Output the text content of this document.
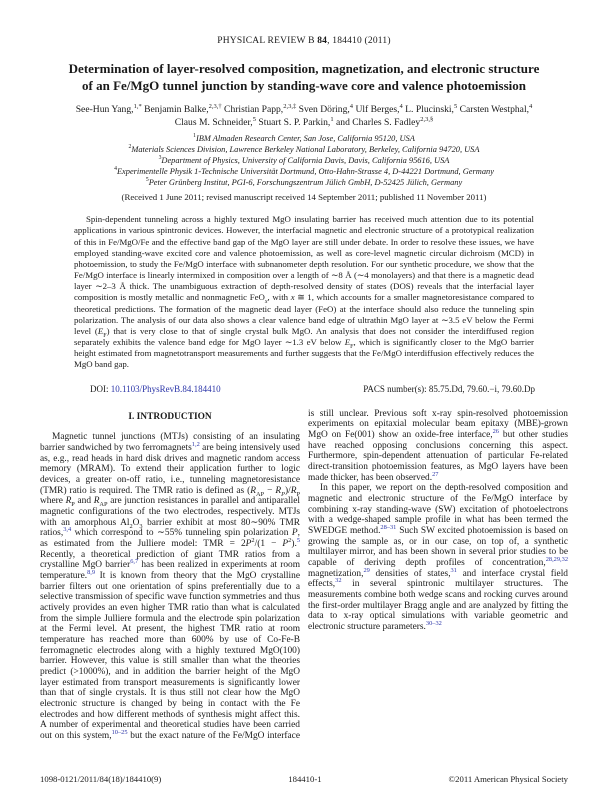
PHYSICAL REVIEW B 84, 184410 (2011)
Determination of layer-resolved composition, magnetization, and electronic structure
of an Fe/MgO tunnel junction by standing-wave core and valence photoemission
See-Hun Yang,$^{1,*}$ Benjamin Balke,$^{2,3,\dagger}$ Christian Papp,$^{2,3,\ddagger}$ Sven Döring,$^4$ Ulf Berges,$^4$ L. Plucinski,$^5$ Carsten Westphal,$^4$
Claus M. Schneider,$^5$ Stuart S. P. Parkin,$^1$ and Charles S. Fadley$^{2,3,\S}$
$^1$IBM Almaden Research Center, San Jose, California 95120, USA
$^2$Materials Sciences Division, Lawrence Berkeley National Laboratory, Berkeley, California 94720, USA
$^3$Department of Physics, University of California Davis, Davis, California 95616, USA
$^4$Experimentelle Physik 1-Technische Universität Dortmund, Otto-Hahn-Strasse 4, D-44221 Dortmund, Germany
$^5$Peter Grünberg Institut, PGI-6, Forschungszentrum Jülich GmbH, D-52425 Jülich, Germany
(Received 1 June 2011; revised manuscript received 14 September 2011; published 11 November 2011)
Spin-dependent tunneling across a highly textured MgO insulating barrier has received much attention due to its potential applications in various spintronic devices. However, the interfacial magnetic and electronic structure of a prototypical realization of this in Fe/MgO/Fe and the effective band gap of the MgO layer are still under debate. In order to resolve these issues, we have employed standing-wave excited core and valence photoemission, as well as core-level magnetic circular dichroism (MCD) in photoemission, to study the Fe/MgO interface with subnanometer depth resolution. For our synthetic procedure, we show that the Fe/MgO interface is linearly intermixed in composition over a length of ∼8 Å (∼4 monolayers) and that there is a magnetic dead layer ∼2–3 Å thick. The unambiguous extraction of depth-resolved density of states (DOS) reveals that the interfacial layer composition is mostly metallic and nonmagnetic FeO$_x$, with x ≅ 1, which accounts for a smaller magnetoresistance compared to theoretical predictions. The formation of the magnetic dead layer (FeO) at the interface should also reduce the tunneling spin polarization. The analysis of our data also shows a clear valence band edge of ultrathin MgO layer at ∼3.5 eV below the Fermi level $(E_F)$ that is very close to that of single crystal bulk MgO. An analysis that does not consider the interdiffused region separately exhibits the valence band edge for MgO layer ∼1.3 eV below $E_F$, which is significantly closer to the MgO barrier height estimated from magnetotransport measurements and further suggests that the Fe/MgO interdiffusion effectively reduces the MgO band gap.
DOI: 10.1103/PhysRevB.84.184410	PACS number(s): 85.75.Dd, 79.60.−i, 79.60.Dp
I. INTRODUCTION

Magnetic tunnel junctions (MTJs) consisting of an insulating barrier sandwiched by two ferromagnets$^{1,2}$ are being intensively used as, e.g., read heads in hard disk drives and magnetic random access memory (MRAM). To extend their application further to logic devices, a greater on-off ratio, i.e., tunneling magnetoresistance (TMR) ratio is required. The TMR ratio is defined as $(R_{AP} - R_P)/R_P$ where $R_P$ and $R_{AP}$ are junction resistances in parallel and antiparallel magnetic configurations of the two electrodes, respectively. MTJs with an amorphous $Al_2O_3$ barrier exhibit at most 80∼90% TMR ratios,$^{3,4}$ which correspond to ∼55% tunneling spin polarization P, as estimated from the Julliere model: TMR = $2P^2/(1 - P^2).^5$ Recently, a theoretical prediction of giant TMR ratios from a crystalline MgO barrier$^{6,7}$ has been realized in experiments at room temperature.$^{8,9}$ It is known from theory that the MgO crystalline barrier filters out one orientation of spins preferentially due to a selective transmission of specific wave function symmetries and thus actively provides an even higher TMR ratio than what is calculated from the simple Julliere formula and the electrode spin polarization at the Fermi level. At present, the highest TMR ratio at room temperature has reached more than 600% by use of Co-Fe-B ferromagnetic electrodes along with a highly textured MgO(100) barrier. However, this value is still smaller than what the theories predict (>1000%), and in addition the barrier height of the MgO layer estimated from transport measurements is significantly lower than that of single crystals. It is thus still not clear how the MgO electronic structure is changed by being in contact with the Fe electrodes and how different methods of synthesis might affect this. A number of experimental and theoretical studies have been carried out on this system,$^{10-25}$ but the exact nature of the Fe/MgO interface is still unclear. Previous soft x-ray spin-resolved photoemission experiments on epitaxial molecular beam epitaxy (MBE)-grown MgO on Fe(001) show an oxide-free interface,$^{26}$ but other studies have reached opposing conclusions concerning this aspect. Furthermore, spin-dependent attenuation of particular Fe-related direct-transition photoemission features, as MgO layers have been made thicker, has been observed.$^{27}$

In this paper, we report on the depth-resolved composition and magnetic and electronic structure of the Fe/MgO interface by combining x-ray standing-wave (SW) excitation of photoelectrons with a wedge-shaped sample profile in what has been termed the SWEDGE method.$^{28-31}$ Such SW excited photoemission is based on growing the sample as, or in our case, on top of, a synthetic multilayer mirror, and has been shown in several prior studies to be capable of deriving depth profiles of concentration,$^{28,29,32}$ magnetization,$^{29}$ densities of states,$^{31}$ and interface crystal field effects,$^{32}$ in several spintronic multilayer structures. The measurements combine both wedge scans and rocking curves around the first-order multilayer Bragg angle and are analyzed by fitting the data to x-ray optical simulations with variable geometric and electronic structure parameters.$^{30-32}$

1098-0121/2011/84(18)/184410(9)	184410-1	©2011 American Physical Society
